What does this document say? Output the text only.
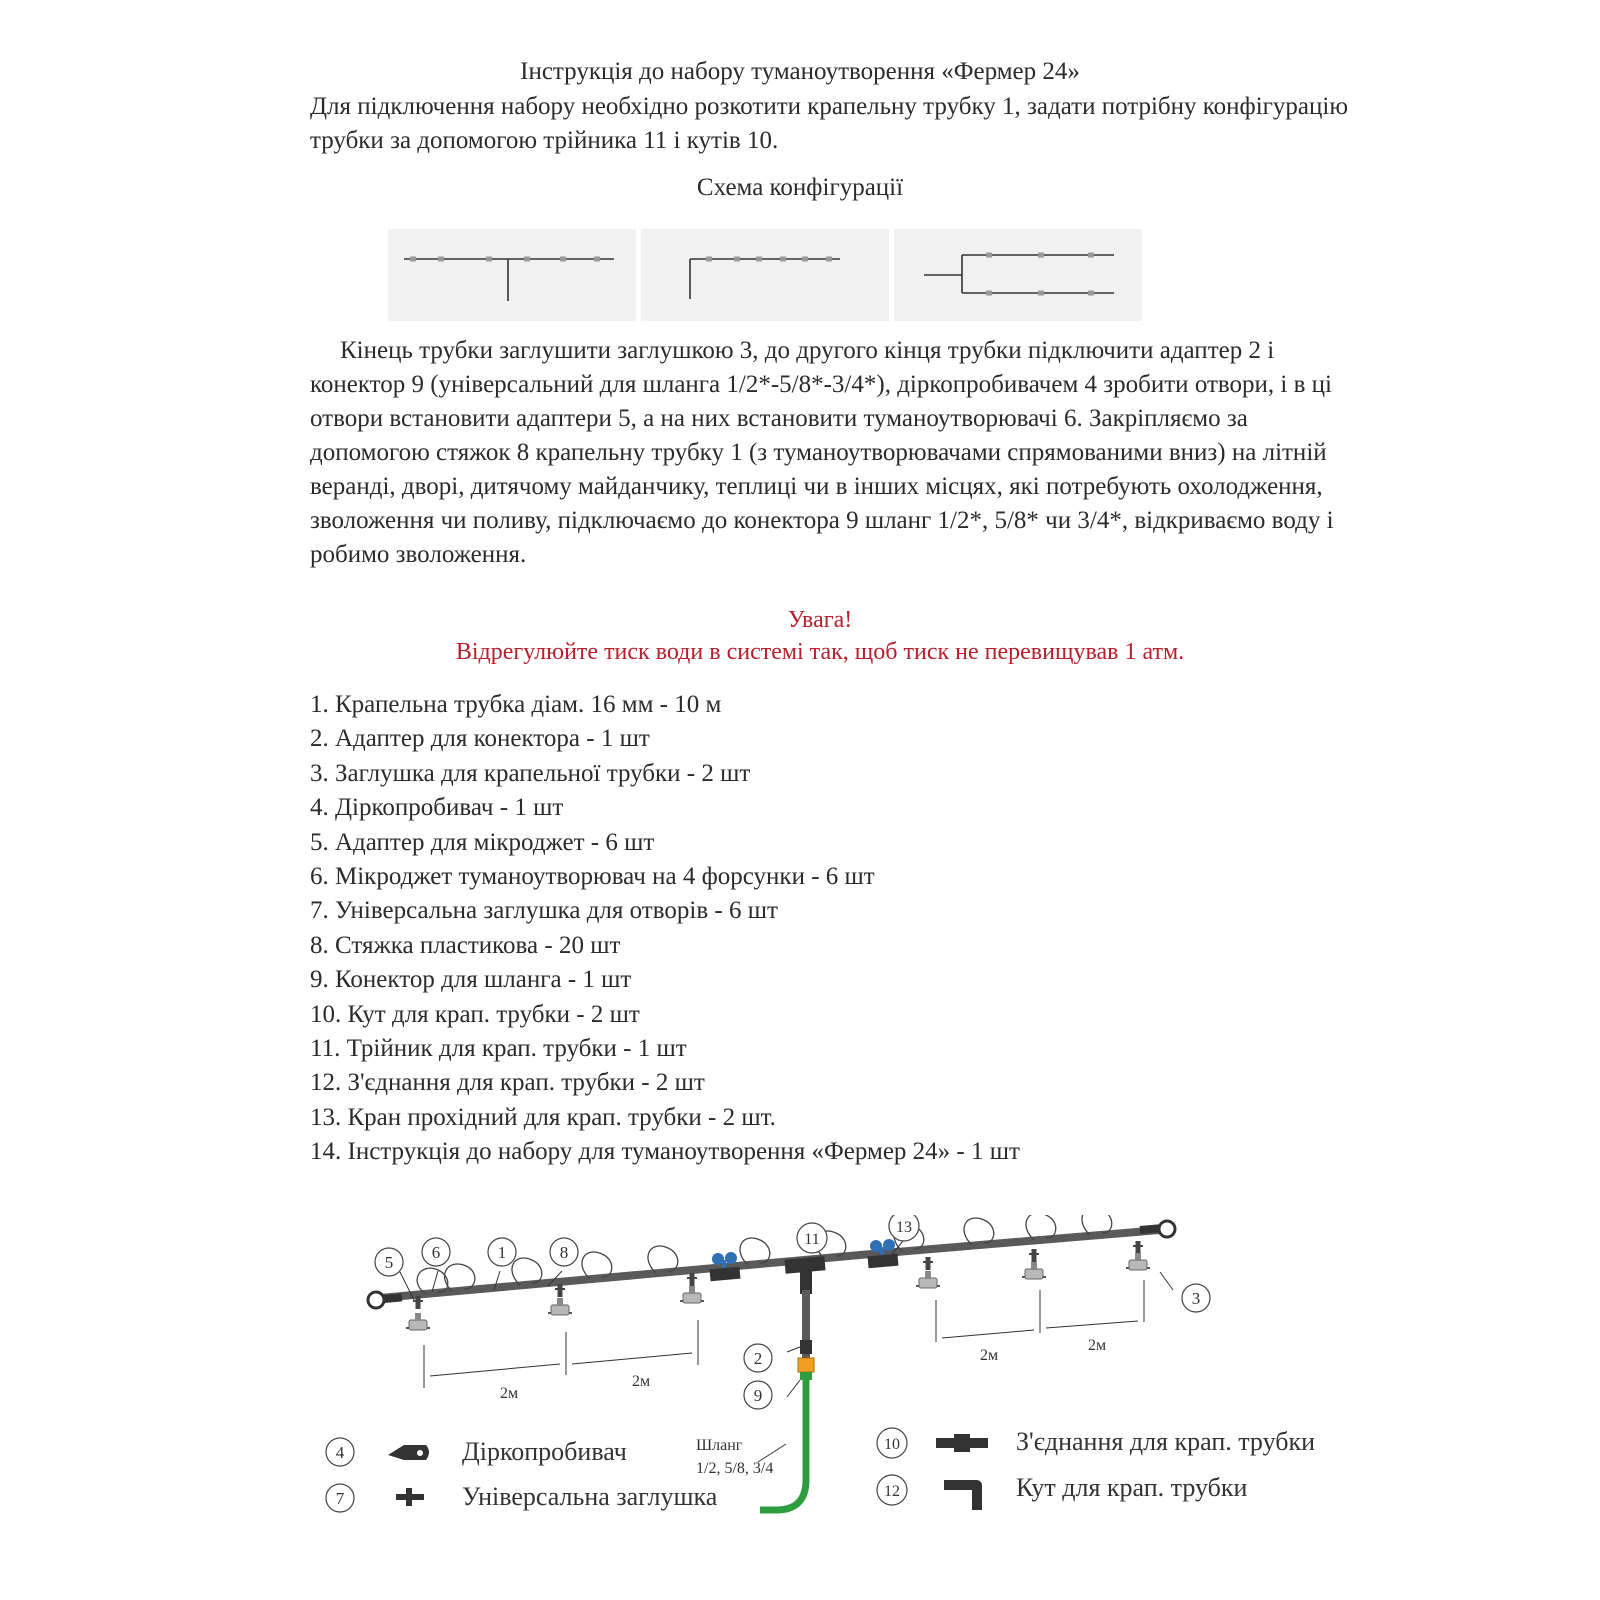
Інструкція до набору туманоутворення «Фермер 24»

Для підключення набору необхідно розкотити крапельну трубку 1, задати потрібну конфігурацію трубки за допомогою трійника 11 і кутів 10.

Схема конфігурації

Кінець трубки заглушити заглушкою 3, до другого кінця трубки підключити адаптер 2 і конектор 9 (універсальний для шланга 1/2*-5/8*-3/4*), діркопробивачем 4 зробити отвори, і в ці отвори встановити адаптери 5, а на них встановити туманоутворювачі 6. Закріпляємо за допомогою стяжок 8 крапельну трубку 1 (з туманоутворювачами спрямованими вниз) на літній веранді, дворі, дитячому майданчику, теплиці чи в інших місцях, які потребують охолодження, зволоження чи поливу, підключаємо до конектора 9 шланг 1/2*, 5/8* чи 3/4*, відкриваємо воду і робимо зволоження.

Увага!
Відрегулюйте тиск води в системі так, щоб тиск не перевищував 1 атм.
1. Крапельна трубка діам. 16 мм - 10 м
2. Адаптер для конектора - 1 шт
3. Заглушка для крапельної трубки - 2 шт
4. Діркопробивач - 1 шт
5. Адаптер для мікроджет - 6 шт
6. Мікроджет туманоутворювач на 4 форсунки - 6 шт
7. Універсальна заглушка для отворів - 6 шт
8. Стяжка пластикова - 20 шт
9. Конектор для шланга - 1 шт
10. Кут для крап. трубки - 2 шт
11. Трійник для крап. трубки - 1 шт
12. З'єднання для крап. трубки - 2 шт
13. Кран прохідний для крап. трубки - 2 шт.
14. Інструкція до набору для туманоутворення «Фермер 24» - 1 шт
2м
2м
2м
2м
5
6	1	8
11
13
3
2
9
Шланг
1/2, 5/8, 3/4
4	Діркопробивач
7	Універсальна заглушка
10	З'єднання для крап. трубки
12	Кут для крап. трубки
